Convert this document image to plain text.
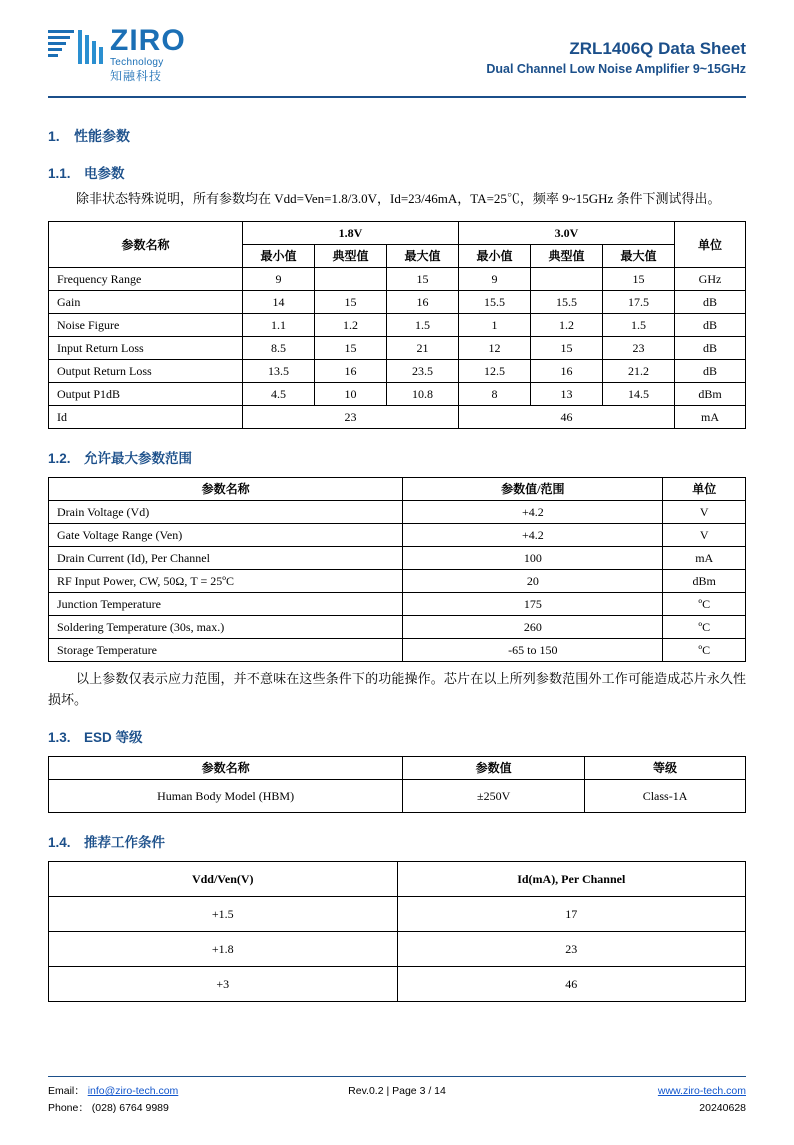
ZIRO
Technology
知融科技
ZRL1406Q Data Sheet
Dual Channel Low Noise Amplifier 9~15GHz
1. 性能参数
1.1. 电参数

除非状态特殊说明，所有参数均在 Vdd=Ven=1.8/3.0V，Id=23/46mA，TA=25℃，频率 9~15GHz 条件下测试得出。

参数名称	1.8V			3.0V			单位
	最小值	典型值	最大值	最小值	典型值	最大值	
Frequency Range	9		15	9		15	GHz
Gain	14	15	16	15.5	15.5	17.5	dB
Noise Figure	1.1	1.2	1.5	1	1.2	1.5	dB
Input Return Loss	8.5	15	21	12	15	23	dB
Output Return Loss	13.5	16	23.5	12.5	16	21.2	dB
Output P1dB	4.5	10	10.8	8	13	14.5	dBm
Id	23			46			mA
1.2. 允许最大参数范围
参数名称	参数值/范围	单位
Drain Voltage (Vd)	+4.2	V
Gate Voltage Range (Ven)	+4.2	V
Drain Current (Id), Per Channel	100	mA
RF Input Power, CW, 50Ω, T = 25ºC	20	dBm
Junction Temperature	175	ºC
Soldering Temperature (30s, max.)	260	ºC
Storage Temperature	-65 to 150	ºC

以上参数仅表示应力范围，并不意味在这些条件下的功能操作。芯片在以上所列参数范围外工作可能造成芯片永久性损坏。

1.3. ESD 等级
参数名称	参数值	等级
Human Body Model (HBM)	±250V	Class-1A
1.4. 推荐工作条件
Vdd/Ven(V)	Id(mA), Per Channel
+1.5	17
+1.8	23
+3	46
Email： info@ziro-tech.com	Rev.0.2 | Page 3 / 14	www.ziro-tech.com
Phone： (028) 6764 9989	20240628
